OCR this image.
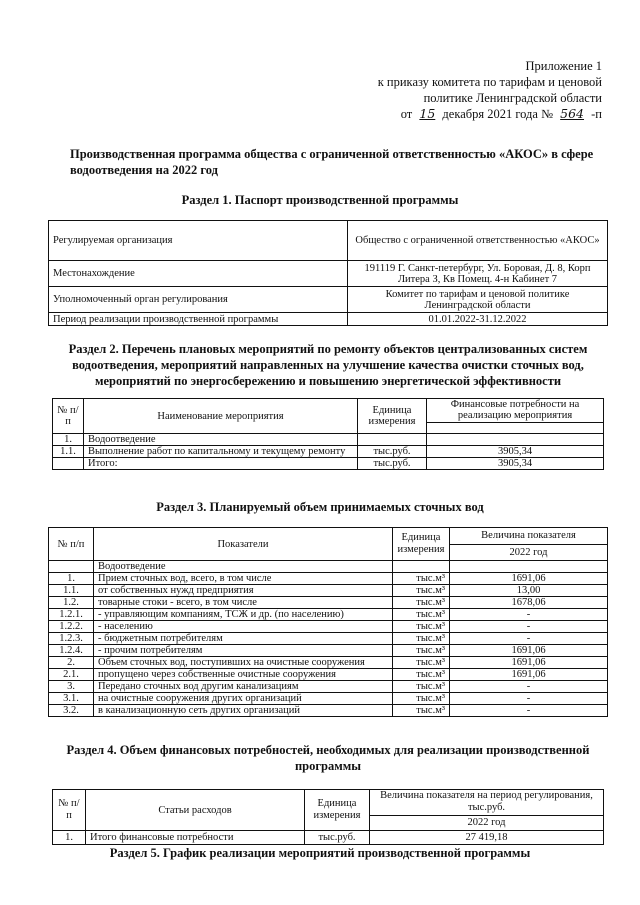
Приложение 1
к приказу комитета по тарифам и ценовой
политике Ленинградской области
от 15 декабря 2021 года № 564 -п
Производственная программа общества с ограниченной ответственностью «АКОС» в сфере водоотведения на 2022 год
Раздел 1. Паспорт производственной программы
Регулируемая организация	Общество с ограниченной ответственностью «АКОС»
Местонахождение	191119 Г. Санкт-петербург, Ул. Боровая, Д. 8, Корп Литера З, Кв Помещ. 4-н Кабинет 7
Уполномоченный орган регулирования	Комитет по тарифам и ценовой политике Ленинградской области
Период реализации производственной программы	01.01.2022-31.12.2022
Раздел 2. Перечень плановых мероприятий по ремонту объектов централизованных систем водоотведения, мероприятий направленных на улучшение качества очистки сточных вод, мероприятий по энергосбережению и повышению энергетической эффективности
№ п/п	Наименование мероприятия	Единица измерения	Финансовые потребности на реализацию мероприятия

1.	Водоотведение		
1.1.	Выполнение работ по капитальному и текущему ремонту	тыс.руб.	3905,34
	Итого:	тыс.руб.	3905,34
Раздел 3. Планируемый объем принимаемых сточных вод
№ п/п	Показатели	Единица измерения	Величина показателя
			2022 год
	Водоотведение		
1.	Прием сточных вод, всего, в том числе	тыс.м³	1691,06
1.1.	от собственных нужд предприятия	тыс.м³	13,00
1.2.	товарные стоки - всего, в том числе	тыс.м³	1678,06
1.2.1.	- управляющим компаниям, ТСЖ и др. (по населению)	тыс.м³	-
1.2.2.	- населению	тыс.м³	-
1.2.3.	- бюджетным потребителям	тыс.м³	-
1.2.4.	- прочим потребителям	тыс.м³	1691,06
2.	Объем сточных вод, поступивших на очистные сооружения	тыс.м³	1691,06
2.1.	пропущено через собственные очистные сооружения	тыс.м³	1691,06
3.	Передано сточных вод другим канализациям	тыс.м³	-
3.1.	на очистные сооружения других организаций	тыс.м³	-
3.2.	в канализационную сеть других организаций	тыс.м³	-
Раздел 4. Объем финансовых потребностей, необходимых для реализации производственной программы
№ п/п	Статьи расходов	Единица измерения	Величина показателя на период регулирования, тыс.руб.
			2022 год
1.	Итого финансовые потребности	тыс.руб.	27 419,18
Раздел 5. График реализации мероприятий производственной программы
